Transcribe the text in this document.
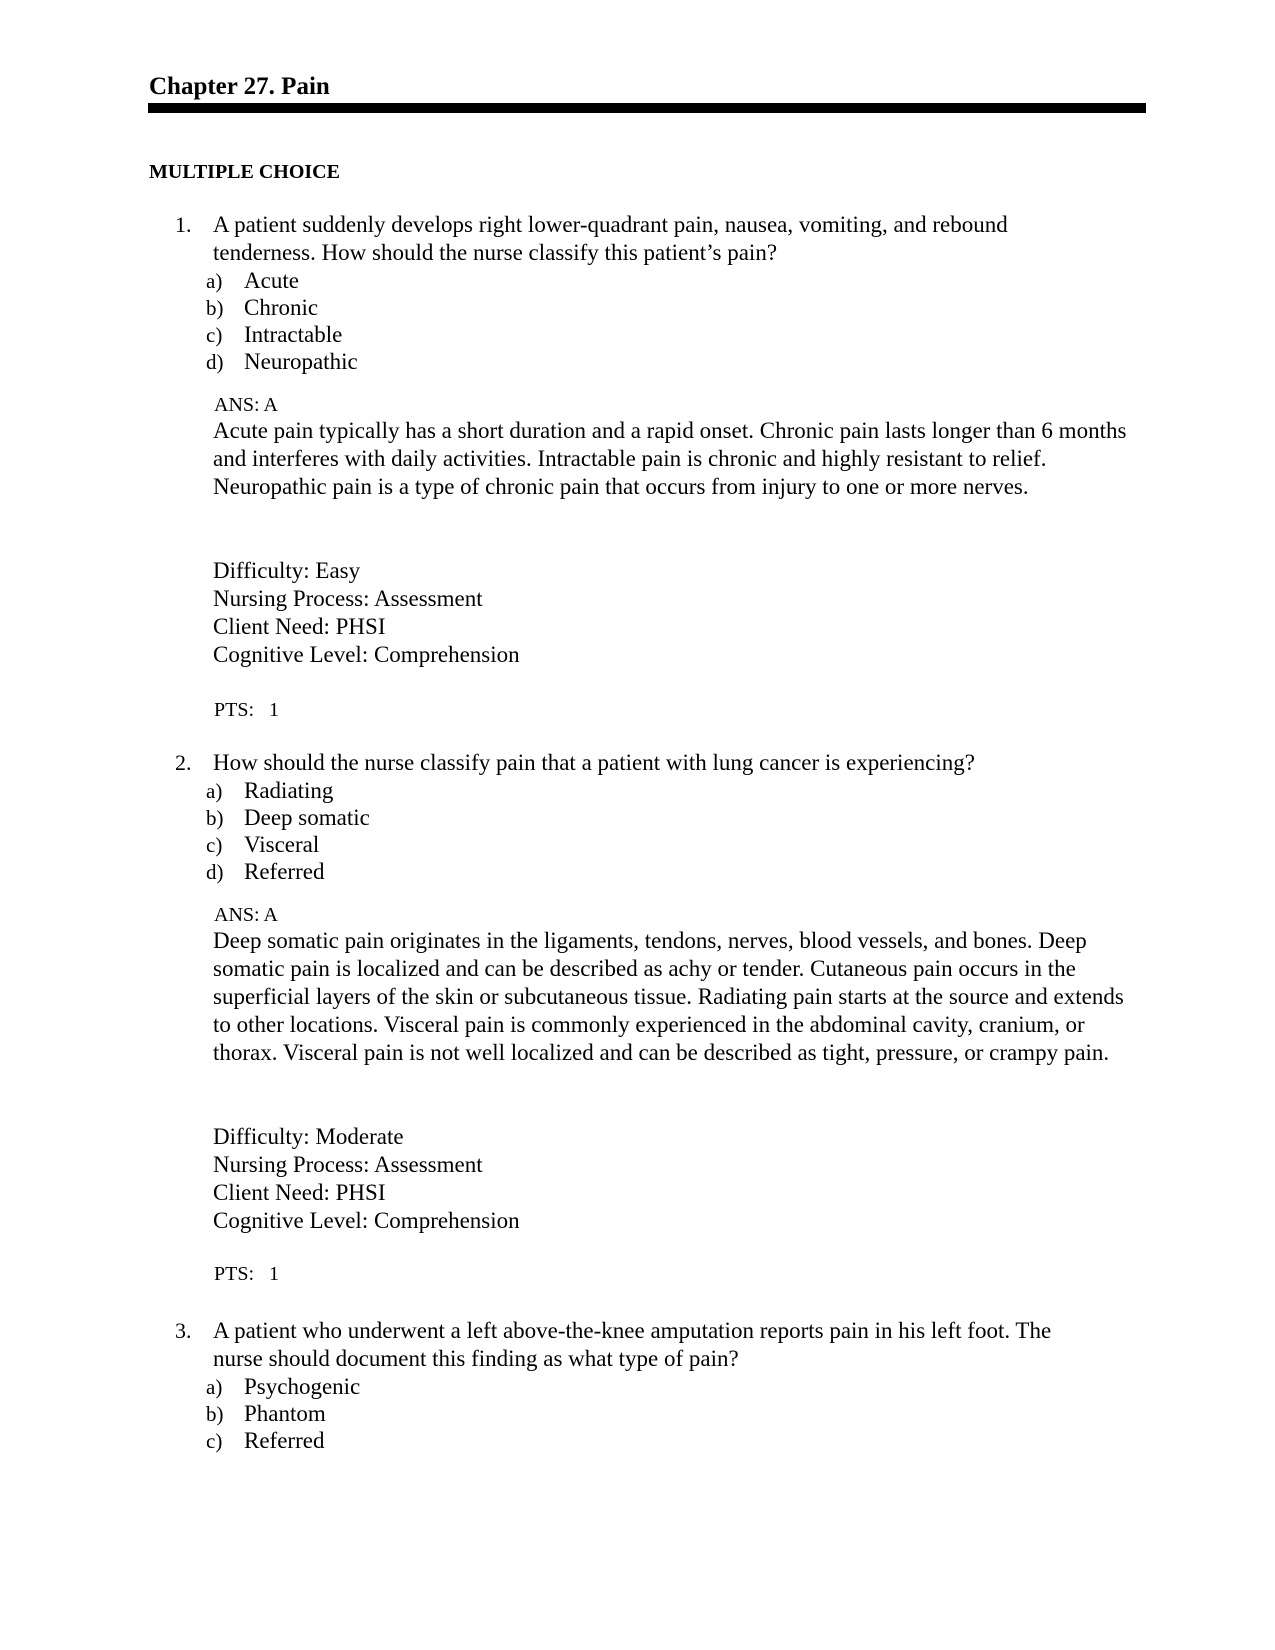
Chapter 27. Pain
MULTIPLE CHOICE
1. A patient suddenly develops right lower-quadrant pain, nausea, vomiting, and rebound tenderness. How should the nurse classify this patient’s pain?

a) Acute
b) Chronic
c) Intractable
d) Neuropathic
ANS: A

Acute pain typically has a short duration and a rapid onset. Chronic pain lasts longer than 6 months and interferes with daily activities. Intractable pain is chronic and highly resistant to relief. Neuropathic pain is a type of chronic pain that occurs from injury to one or more nerves.

Difficulty: Easy
Nursing Process: Assessment
Client Need: PHSI
Cognitive Level: Comprehension
PTS:   1
2. How should the nurse classify pain that a patient with lung cancer is experiencing?

a) Radiating
b) Deep somatic
c) Visceral
d) Referred
ANS: A

Deep somatic pain originates in the ligaments, tendons, nerves, blood vessels, and bones. Deep somatic pain is localized and can be described as achy or tender. Cutaneous pain occurs in the superficial layers of the skin or subcutaneous tissue. Radiating pain starts at the source and extends to other locations. Visceral pain is commonly experienced in the abdominal cavity, cranium, or thorax. Visceral pain is not well localized and can be described as tight, pressure, or crampy pain.

Difficulty: Moderate
Nursing Process: Assessment
Client Need: PHSI
Cognitive Level: Comprehension
PTS:   1
3. A patient who underwent a left above-the-knee amputation reports pain in his left foot. The nurse should document this finding as what type of pain?

a) Psychogenic
b) Phantom
c) Referred
